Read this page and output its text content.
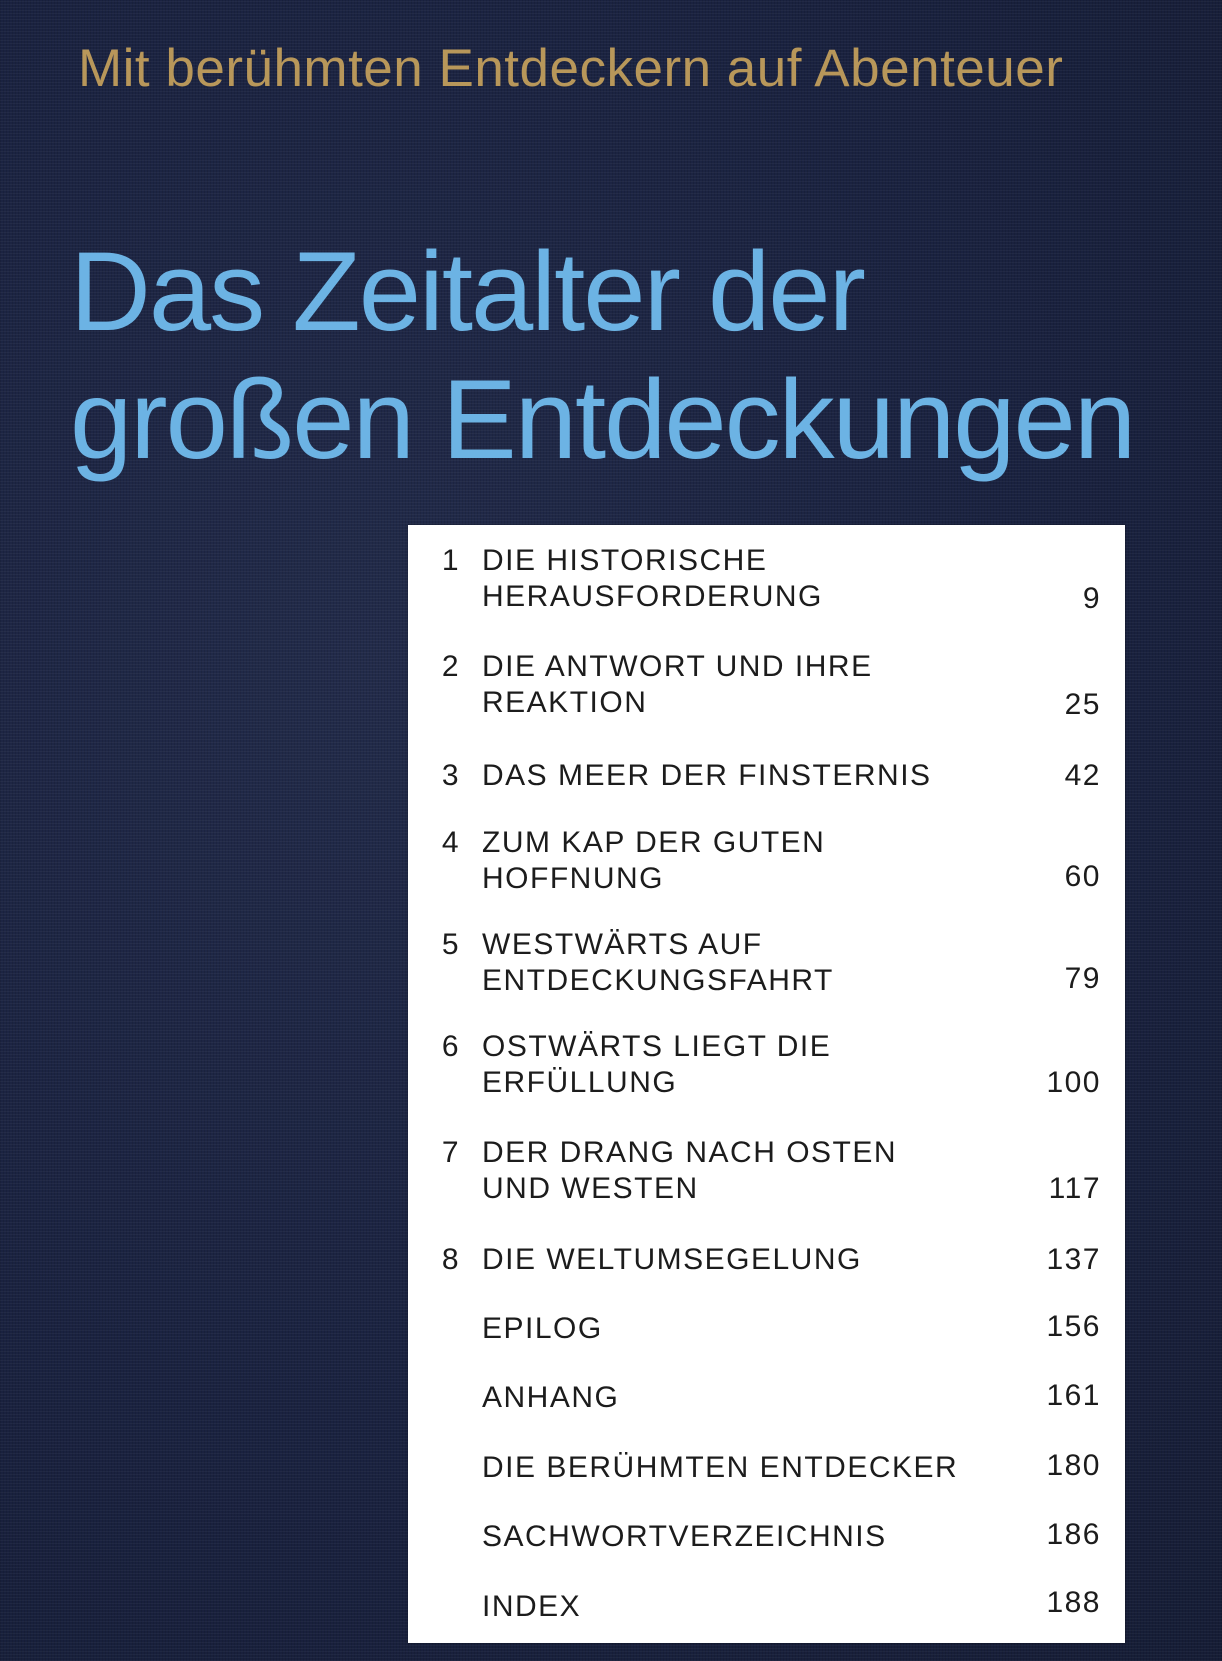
Mit berühmten Entdeckern auf Abenteuer
Das Zeitalter der
großen Entdeckungen
1 DIE HISTORISCHE
HERAUSFORDERUNG	9
2 DIE ANTWORT UND IHRE
REAKTION	25
3 DAS MEER DER FINSTERNIS	42
4 ZUM KAP DER GUTEN
HOFFNUNG	60
5 WESTWÄRTS AUF
ENTDECKUNGSFAHRT	79
6 OSTWÄRTS LIEGT DIE
ERFÜLLUNG	100
7 DER DRANG NACH OSTEN
UND WESTEN	117
8 DIE WELTUMSEGELUNG	137
EPILOG	156
ANHANG	161
DIE BERÜHMTEN ENTDECKER	180
SACHWORTVERZEICHNIS	186
INDEX	188
